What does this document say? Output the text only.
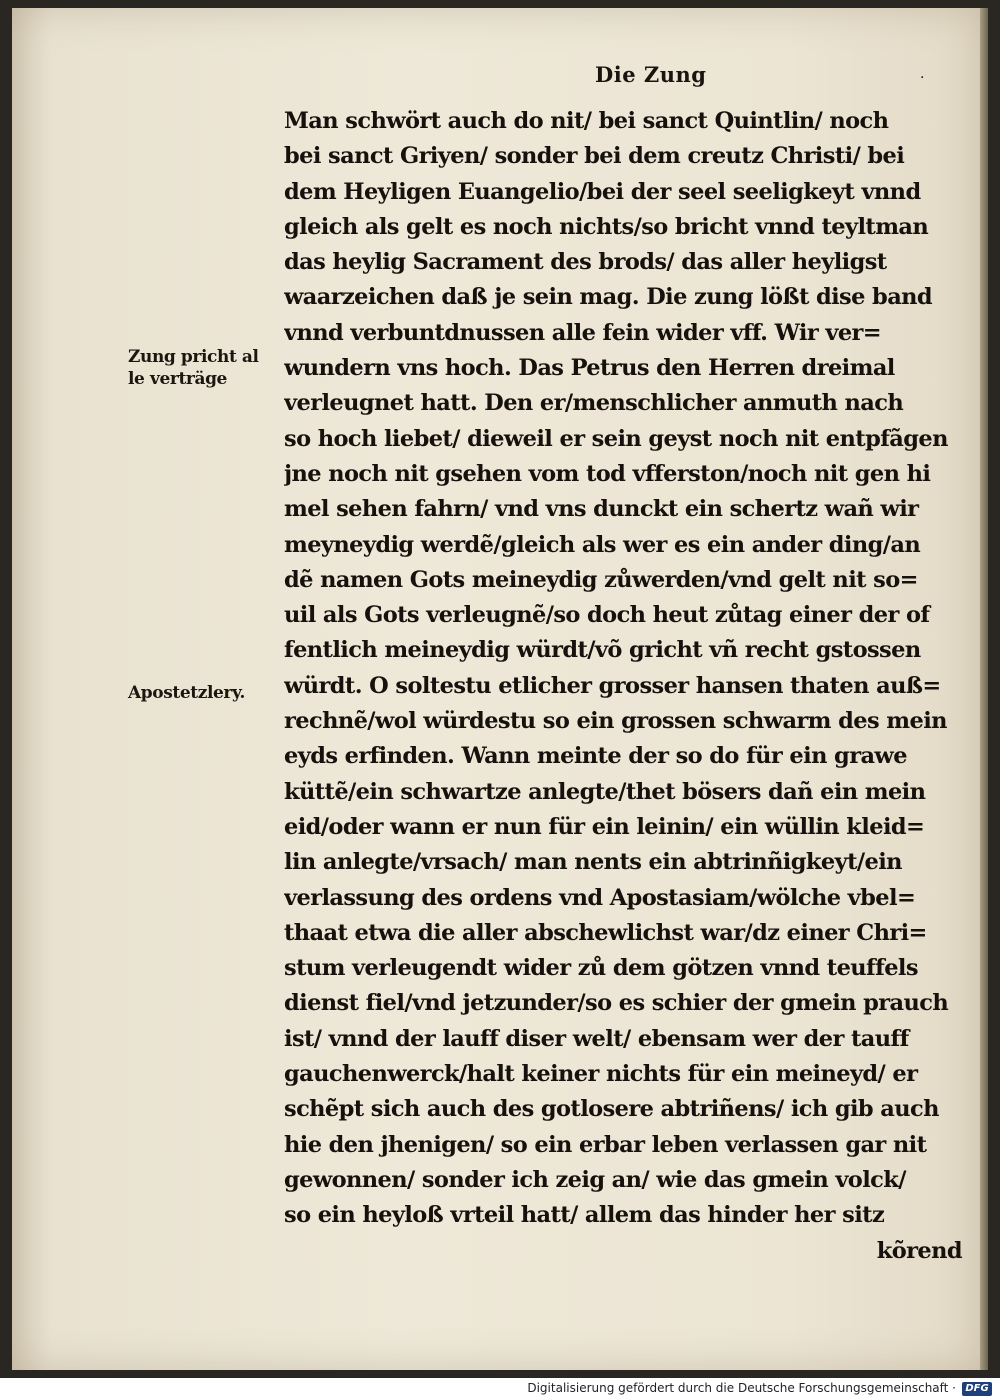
Die Zung	.
Man schwört auch do nit/ bei sanct Quintlin/ noch
bei sanct Griyen/ sonder bei dem creutz Christi/ bei
dem Heyligen Euangelio/bei der seel seeligkeyt vnnd
gleich als gelt es noch nichts/so bricht vnnd teyltman
das heylig Sacrament des brods/ das aller heyligst
waarzeichen daß je sein mag. Die zung lößt dise band
vnnd verbuntdnussen alle fein wider vff. Wir ver=
wundern vns hoch. Das Petrus den Herren dreimal
verleugnet hatt. Den er/menschlicher anmuth nach
so hoch liebet/ dieweil er sein geyst noch nit entpfãgen
jne noch nit gsehen vom tod vfferston/noch nit gen hi
mel sehen fahrn/ vnd vns dunckt ein schertz wañ wir
meyneydig werdẽ/gleich als wer es ein ander ding/an
dẽ namen Gots meineydig zůwerden/vnd gelt nit so=
uil als Gots verleugnẽ/so doch heut zůtag einer der of
fentlich meineydig würdt/võ gricht vñ recht gstossen
würdt. O soltestu etlicher grosser hansen thaten auß=
rechnẽ/wol würdestu so ein grossen schwarm des mein
eyds erfinden. Wann meinte der so do für ein grawe
küttẽ/ein schwartze anlegte/thet bösers dañ ein mein
eid/oder wann er nun für ein leinin/ ein wüllin kleid=
lin anlegte/vrsach/ man nents ein abtrinñigkeyt/ein
verlassung des ordens vnd Apostasiam/wölche vbel=
thaat etwa die aller abschewlichst war/dz einer Chri=
stum verleugendt wider zů dem götzen vnnd teuffels
dienst fiel/vnd jetzunder/so es schier der gmein prauch
ist/ vnnd der lauff diser welt/ ebensam wer der tauff
gauchenwerck/halt keiner nichts für ein meineyd/ er
schẽpt sich auch des gotlosere abtriñens/ ich gib auch
hie den jhenigen/ so ein erbar leben verlassen gar nit
gewonnen/ sonder ich zeig an/ wie das gmein volck/
so ein heyloß vrteil hatt/ allem das hinder her sitz
kõrend
Zung pricht al
le verträge
Apostetzlery.
Digitalisierung gefördert durch die Deutsche Forschungsgemeinschaft · DFG
